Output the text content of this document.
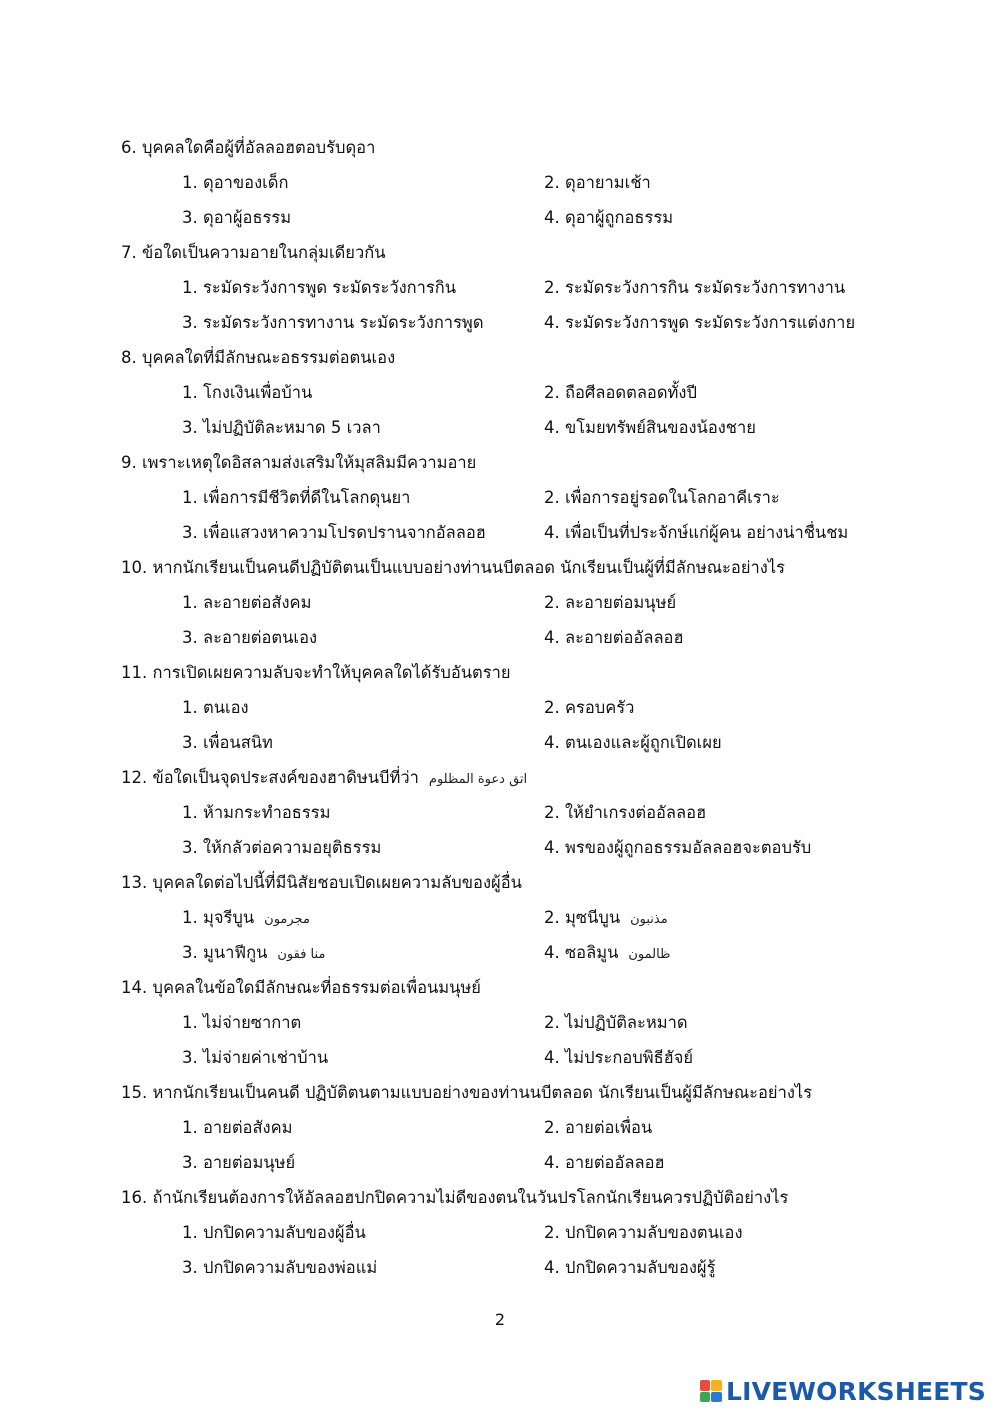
6. บุคคลใดคือผู้ที่อัลลอฮตอบรับดุอา
1. ดุอาของเด็ก	2. ดุอายามเช้า
3. ดุอาผู้อธรรม	4. ดุอาผู้ถูกอธรรม
7. ข้อใดเป็นความอายในกลุ่มเดียวกัน
1. ระมัดระวังการพูด ระมัดระวังการกิน	2. ระมัดระวังการกิน ระมัดระวังการทางาน
3. ระมัดระวังการทางาน ระมัดระวังการพูด	4. ระมัดระวังการพูด ระมัดระวังการแต่งกาย
8. บุคคลใดที่มีลักษณะอธรรมต่อตนเอง
1. โกงเงินเพื่อบ้าน	2. ถือศีลอดตลอดทั้งปี
3. ไม่ปฏิบัติละหมาด 5 เวลา	4. ขโมยทรัพย์สินของน้องชาย
9. เพราะเหตุใดอิสลามส่งเสริมให้มุสลิมมีความอาย
1. เพื่อการมีชีวิตที่ดีในโลกดุนยา	2. เพื่อการอยู่รอดในโลกอาคีเราะ
3. เพื่อแสวงหาความโปรดปรานจากอัลลอฮ	4. เพื่อเป็นที่ประจักษ์แก่ผู้คน อย่างน่าชื่นชม
10. หากนักเรียนเป็นคนดีปฏิบัติตนเป็นแบบอย่างท่านนบีตลอด นักเรียนเป็นผู้ที่มีลักษณะอย่างไร
1. ละอายต่อสังคม	2. ละอายต่อมนุษย์
3. ละอายต่อตนเอง	4. ละอายต่ออัลลอฮ
11. การเปิดเผยความลับจะทำให้บุคคลใดได้รับอันตราย
1. ตนเอง	2. ครอบครัว
3. เพื่อนสนิท	4. ตนเองและผู้ถูกเปิดเผย
12. ข้อใดเป็นจุดประสงค์ของฮาดิษนบีที่ว่า اتق دعوة المظلوم
1. ห้ามกระทำอธรรม	2. ให้ยำเกรงต่ออัลลอฮ
3. ให้กลัวต่อความอยุติธรรม	4. พรของผู้ถูกอธรรมอัลลอฮจะตอบรับ
13. บุคคลใดต่อไปนี้ที่มีนิสัยชอบเปิดเผยความลับของผู้อื่น
1. มุจรีบูน مجرمون	2. มุซนีบูน مذنبون
3. มูนาฟีกูน منا فقون	4. ซอลิมูน ظالمون
14. บุคคลในข้อใดมีลักษณะที่อธรรมต่อเพื่อนมนุษย์
1. ไม่จ่ายซากาต	2. ไม่ปฏิบัติละหมาด
3. ไม่จ่ายค่าเช่าบ้าน	4. ไม่ประกอบพิธีฮัจย์
15. หากนักเรียนเป็นคนดี ปฏิบัติตนตามแบบอย่างของท่านนบีตลอด นักเรียนเป็นผู้มีลักษณะอย่างไร
1. อายต่อสังคม	2. อายต่อเพื่อน
3. อายต่อมนุษย์	4. อายต่ออัลลอฮ
16. ถ้านักเรียนต้องการให้อัลลอฮปกปิดความไม่ดีของตนในวันปรโลกนักเรียนควรปฏิบัติอย่างไร
1. ปกปิดความลับของผู้อื่น	2. ปกปิดความลับของตนเอง
3. ปกปิดความลับของพ่อแม่	4. ปกปิดความลับของผู้รู้
2
LIVEWORKSHEETS
